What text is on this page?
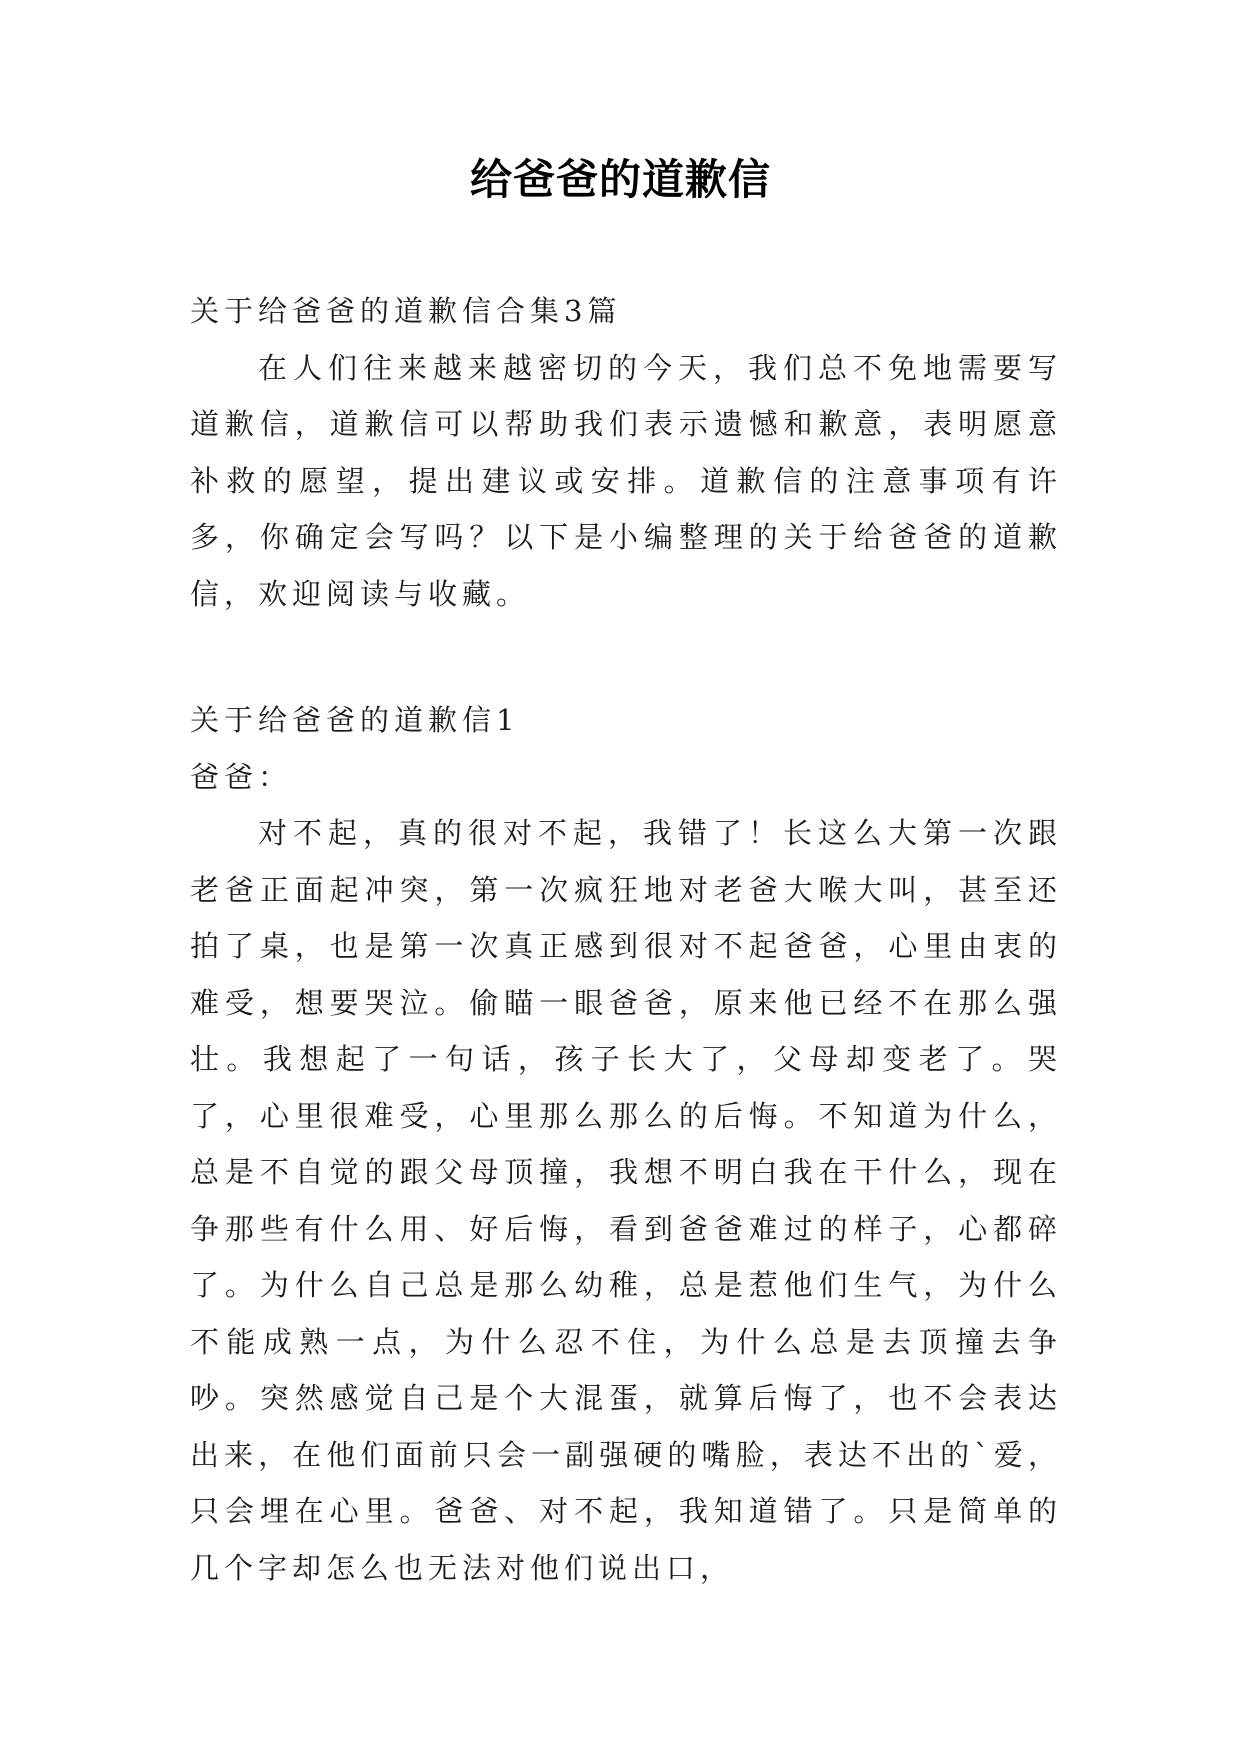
给爸爸的道歉信

关于给爸爸的道歉信合集3篇

在人们往来越来越密切的今天，我们总不免地需要写道歉信，道歉信可以帮助我们表示遗憾和歉意，表明愿意补救的愿望，提出建议或安排。道歉信的注意事项有许多，你确定会写吗？以下是小编整理的关于给爸爸的道歉信，欢迎阅读与收藏。

关于给爸爸的道歉信1

爸爸：

对不起，真的很对不起，我错了！长这么大第一次跟老爸正面起冲突，第一次疯狂地对老爸大喉大叫，甚至还拍了桌，也是第一次真正感到很对不起爸爸，心里由衷的难受，想要哭泣。偷瞄一眼爸爸，原来他已经不在那么强壮。我想起了一句话，孩子长大了，父母却变老了。哭了，心里很难受，心里那么那么的后悔。不知道为什么，总是不自觉的跟父母顶撞，我想不明白我在干什么，现在争那些有什么用、好后悔，看到爸爸难过的样子，心都碎了。为什么自己总是那么幼稚，总是惹他们生气，为什么不能成熟一点，为什么忍不住，为什么总是去顶撞去争吵。突然感觉自己是个大混蛋，就算后悔了，也不会表达出来，在他们面前只会一副强硬的嘴脸，表达不出的`爱，只会埋在心里。爸爸、对不起，我知道错了。只是简单的几个字却怎么也无法对他们说出口，
